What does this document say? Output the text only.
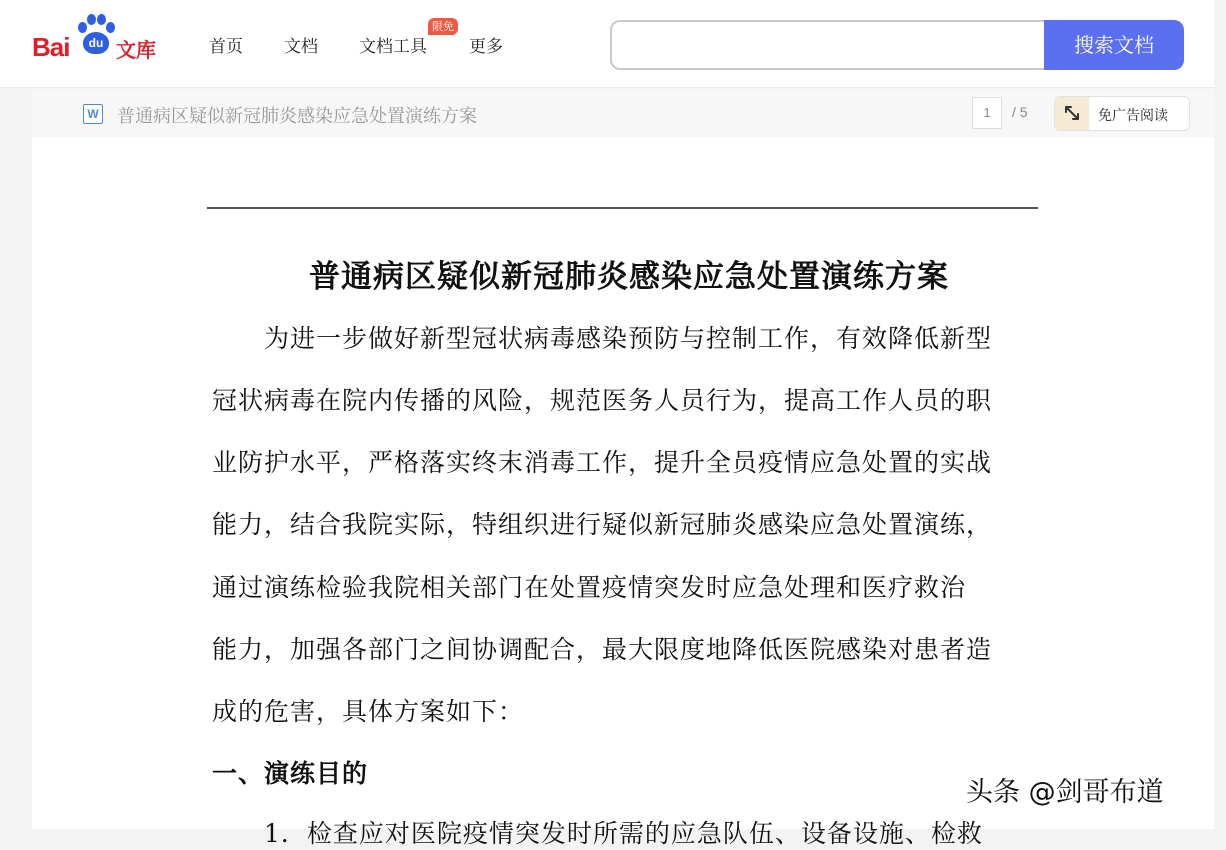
Bai	du 文库	首页 文档 文档工具
限免
更多	搜索文档
W 普通病区疑似新冠肺炎感染应急处置演练方案	1	/ 5	免广告阅读
普通病区疑似新冠肺炎感染应急处置演练方案
　　为进一步做好新型冠状病毒感染预防与控制工作，有效降低新型
冠状病毒在院内传播的风险，规范医务人员行为，提高工作人员的职
业防护水平，严格落实终末消毒工作，提升全员疫情应急处置的实战
能力，结合我院实际，特组织进行疑似新冠肺炎感染应急处置演练，
通过演练检验我院相关部门在处置疫情突发时应急处理和医疗救治
能力，加强各部门之间协调配合，最大限度地降低医院感染对患者造
成的危害，具体方案如下：
一、演练目的
1．检查应对医院疫情突发时所需的应急队伍、设备设施、检救
头条 @剑哥布道
